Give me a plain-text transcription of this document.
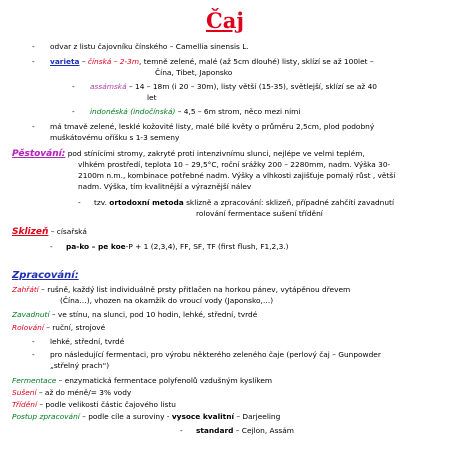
Čaj
- odvar z listu čajovníku čínského – Camellia sinensis L.
- varieta – čínská – 2-3m, temně zelené, malé (až 5cm dlouhé) listy, sklízí se až 100let –
Čína, Tibet, Japonsko
- assámská – 14 – 18m (i 20 – 30m), listy větší (15-35), světlejší, sklízí se až 40
let
- indonéská (indočínská) – 4,5 – 6m strom, něco mezi nimi
- má tmavě zelené, lesklé kožovité listy, malé bílé květy o průměru 2,5cm, plod podobný
muškátovému oříšku s 1-3 semeny
Pěstování: pod stínícími stromy, zakryté proti intenzivnímu slunci, nejlépe ve velmi teplém,
vlhkém prostředí, teplota 10 – 29,5°C, roční srážky 200 – 2280mm, nadm. Výška 30-
2100m n.m., kombinace potřebné nadm. Výšky a vlhkosti zajišťuje pomalý růst , větší
nadm. Výška, tím kvalitnější a výraznější nálev
- tzv. ortodoxní metoda sklizně a zpracování: sklizeň, případné zahčítí zavadnutí
rolování fermentace sušení třídění
Sklizeň – císařská
- pa-ko – pe koe-P + 1 (2,3,4), FF, SF, TF (first flush, F1,2,3.)
Zpracování:
Zahřátí – rušně, každý list individuálně prsty přitlačen na horkou pánev, vytápěnou dřevem
(Čína…), vhozen na okamžik do vroucí vody (Japonsko,…)
Zavadnutí – ve stínu, na slunci, pod 10 hodin, lehké, střední, tvrdé
Rolování – ruční, strojové
- lehké, střední, tvrdé
- pro následující fermentaci, pro výrobu některého zeleného čaje (perlový čaj – Gunpowder
„střelný prach“)
Fermentace – enzymatická fermentace polyfenolů vzdušným kyslíkem
Sušení – až do méně/= 3% vody
Třídění – podle velikosti částic čajového listu
Postup zpracování – podle cíle a suroviny - vysoce kvalitní – Darjeeling
- standard – Cejlon, Assám
